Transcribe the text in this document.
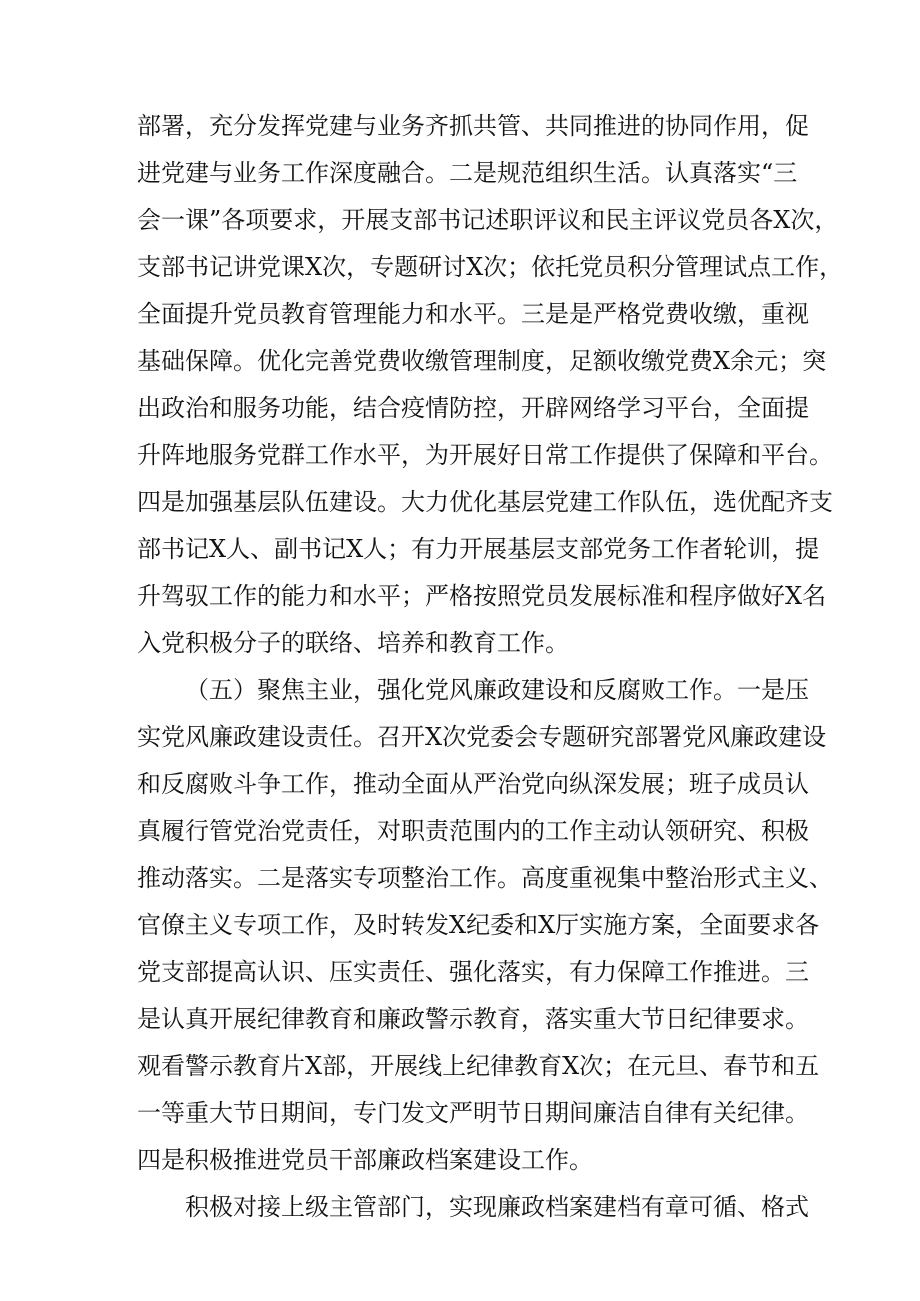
部署，充分发挥党建与业务齐抓共管、共同推进的协同作用，促
进党建与业务工作深度融合。二是规范组织生活。认真落实“三
会一课”各项要求，开展支部书记述职评议和民主评议党员各X次，
支部书记讲党课X次，专题研讨X次；依托党员积分管理试点工作，
全面提升党员教育管理能力和水平。三是是严格党费收缴，重视
基础保障。优化完善党费收缴管理制度，足额收缴党费X余元；突
出政治和服务功能，结合疫情防控，开辟网络学习平台，全面提
升阵地服务党群工作水平，为开展好日常工作提供了保障和平台。
四是加强基层队伍建设。大力优化基层党建工作队伍，选优配齐支
部书记X人、副书记X人；有力开展基层支部党务工作者轮训，提
升驾驭工作的能力和水平；严格按照党员发展标准和程序做好X名
入党积极分子的联络、培养和教育工作。
（五）聚焦主业，强化党风廉政建设和反腐败工作。一是压
实党风廉政建设责任。召开X次党委会专题研究部署党风廉政建设
和反腐败斗争工作，推动全面从严治党向纵深发展；班子成员认
真履行管党治党责任，对职责范围内的工作主动认领研究、积极
推动落实。二是落实专项整治工作。高度重视集中整治形式主义、
官僚主义专项工作，及时转发X纪委和X厅实施方案，全面要求各
党支部提高认识、压实责任、强化落实，有力保障工作推进。三
是认真开展纪律教育和廉政警示教育，落实重大节日纪律要求。
观看警示教育片X部，开展线上纪律教育X次；在元旦、春节和五
一等重大节日期间，专门发文严明节日期间廉洁自律有关纪律。
四是积极推进党员干部廉政档案建设工作。
积极对接上级主管部门，实现廉政档案建档有章可循、格式
